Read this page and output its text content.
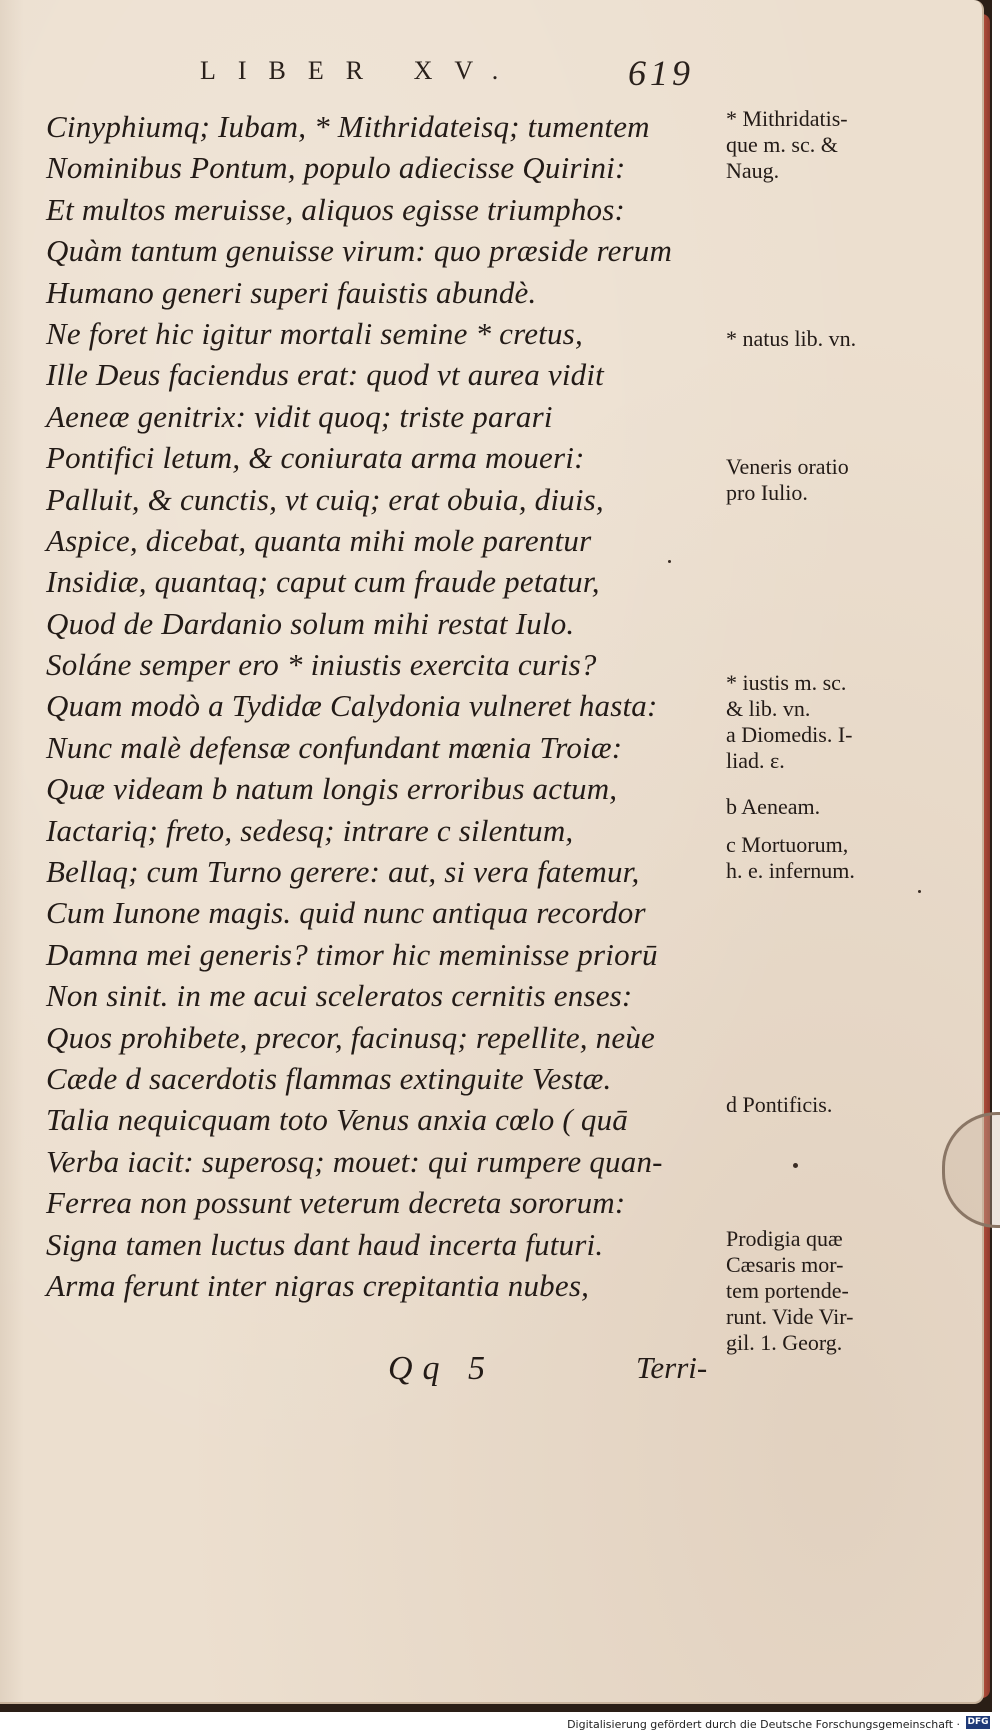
LIBER XV.	619
Cinyphiumq; Iubam, * Mithridateisq; tumentem
Nominibus Pontum, populo adiecisse Quirini:
Et multos meruisse, aliquos egisse triumphos:
Quàm tantum genuisse virum: quo præside rerum
Humano generi superi fauistis abundè.
Ne foret hic igitur mortali semine * cretus,
Ille Deus faciendus erat: quod vt aurea vidit
Aeneæ genitrix: vidit quoq; triste parari
Pontifici letum, & coniurata arma moueri:
Palluit, & cunctis, vt cuiq; erat obuia, diuis,
Aspice, dicebat, quanta mihi mole parentur
Insidiæ, quantaq; caput cum fraude petatur,
Quod de Dardanio solum mihi restat Iulo.
Soláne semper ero * iniustis exercita curis?
Quam modò a Tydidæ Calydonia vulneret hasta:
Nunc malè defensæ confundant mœnia Troiæ:
Quæ videam b natum longis erroribus actum,
Iactariq; freto, sedesq; intrare c silentum,
Bellaq; cum Turno gerere: aut, si vera fatemur,
Cum Iunone magis. quid nunc antiqua recordor
Damna mei generis? timor hic meminisse priorū
Non sinit. in me acui sceleratos cernitis enses:
Quos prohibete, precor, facinusq; repellite, neùe
Cæde d sacerdotis flammas extinguite Vestæ.
Talia nequicquam toto Venus anxia cœlo ( quā
Verba iacit: superosq; mouet: qui rumpere quan-
Ferrea non possunt veterum decreta sororum:
Signa tamen luctus dant haud incerta futuri.
Arma ferunt inter nigras crepitantia nubes,
* Mithridatis-
que m. sc. &
Naug.
* natus lib. vn.
Veneris oratio
pro Iulio.
* iustis m. sc.
& lib. vn.
a Diomedis. I-
liad. ε.
b Aeneam.
c Mortuorum,
h. e. infernum.
d Pontificis.
Prodigia quæ
Cæsaris mor-
tem portende-
runt. Vide Vir-
gil. 1. Georg.
Qq 5	Terri-
Digitalisierung gefördert durch die Deutsche Forschungsgemeinschaft · DFG
